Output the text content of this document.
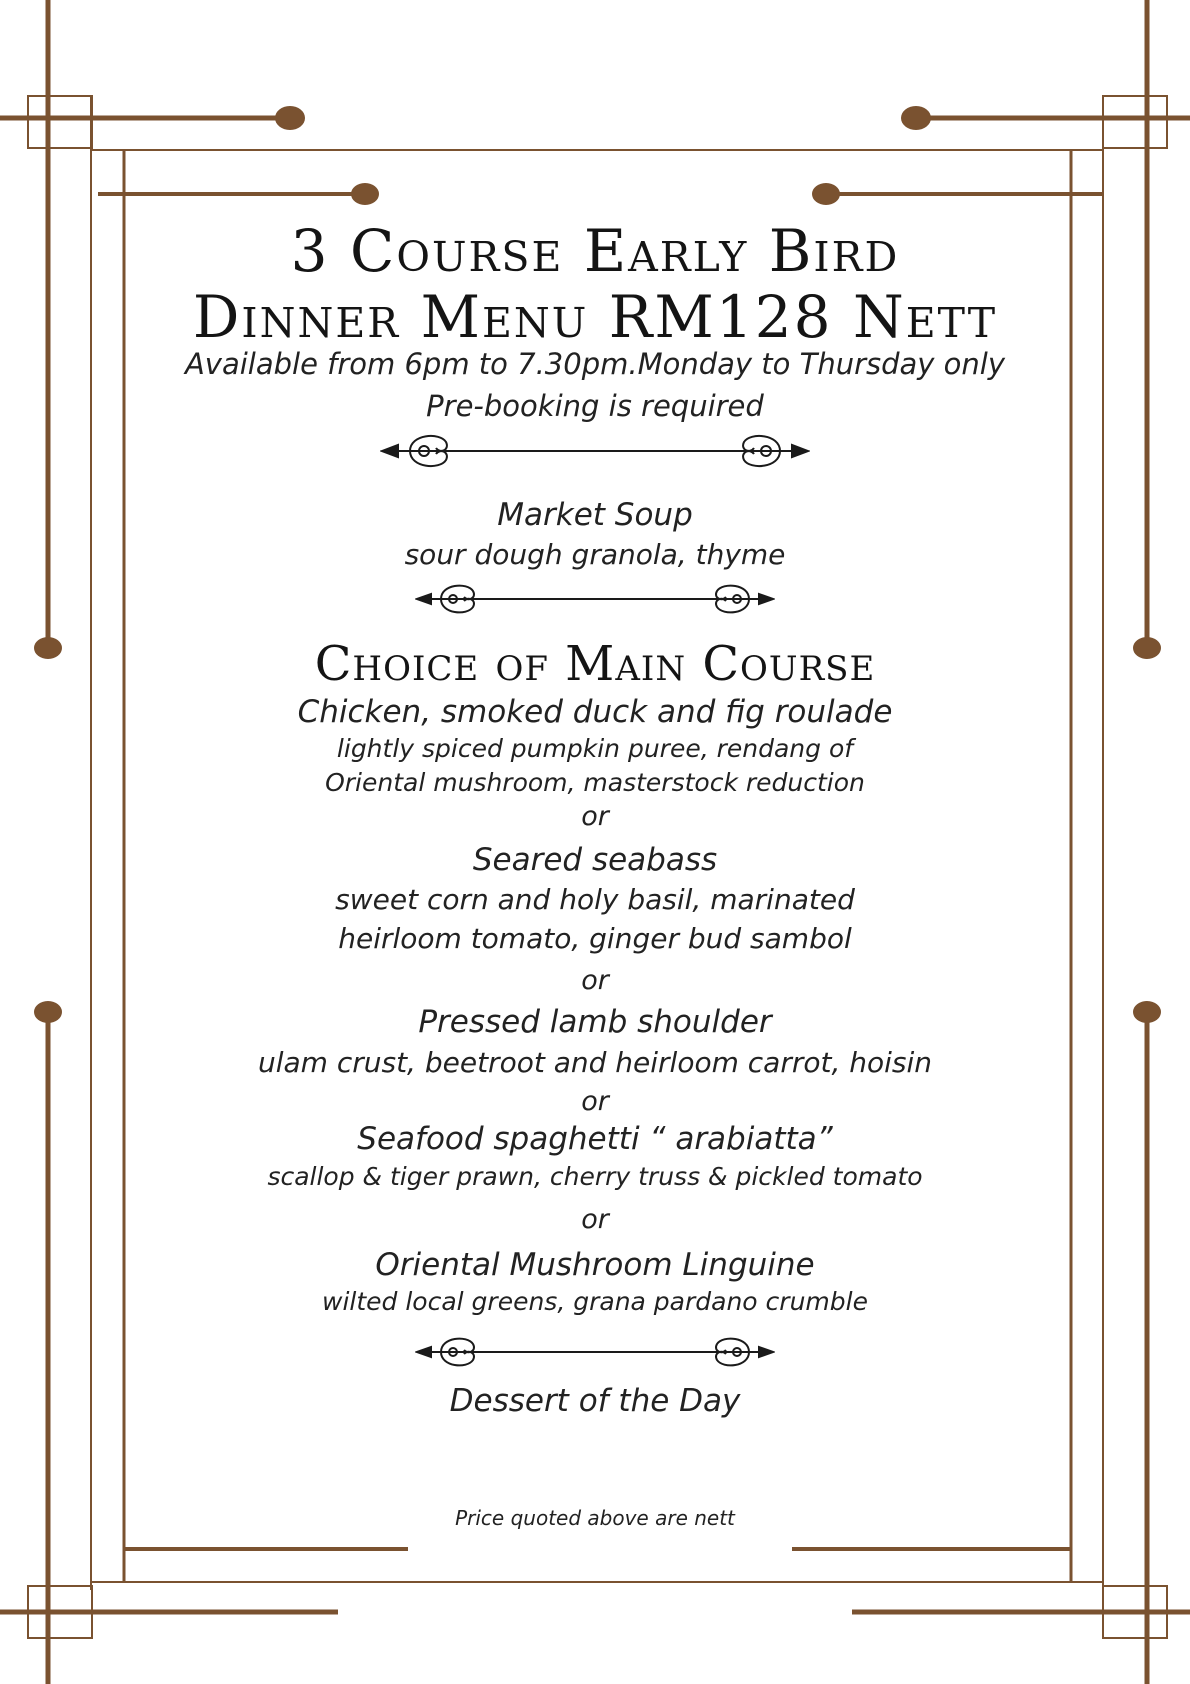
3 Course Early Bird
Dinner Menu RM128 Nett
Available from 6pm to 7.30pm.Monday to Thursday only
Pre-booking is required
Market Soup
sour dough granola, thyme
Choice of Main Course
Chicken, smoked duck and fig roulade
lightly spiced pumpkin puree, rendang of
Oriental mushroom, masterstock reduction
or
Seared seabass
sweet corn and holy basil, marinated
heirloom tomato, ginger bud sambol
or
Pressed lamb shoulder
ulam crust, beetroot and heirloom carrot, hoisin
or
Seafood spaghetti “ arabiatta”
scallop & tiger prawn, cherry truss & pickled tomato
or
Oriental Mushroom Linguine
wilted local greens, grana pardano crumble
Dessert of the Day
Price quoted above are nett
